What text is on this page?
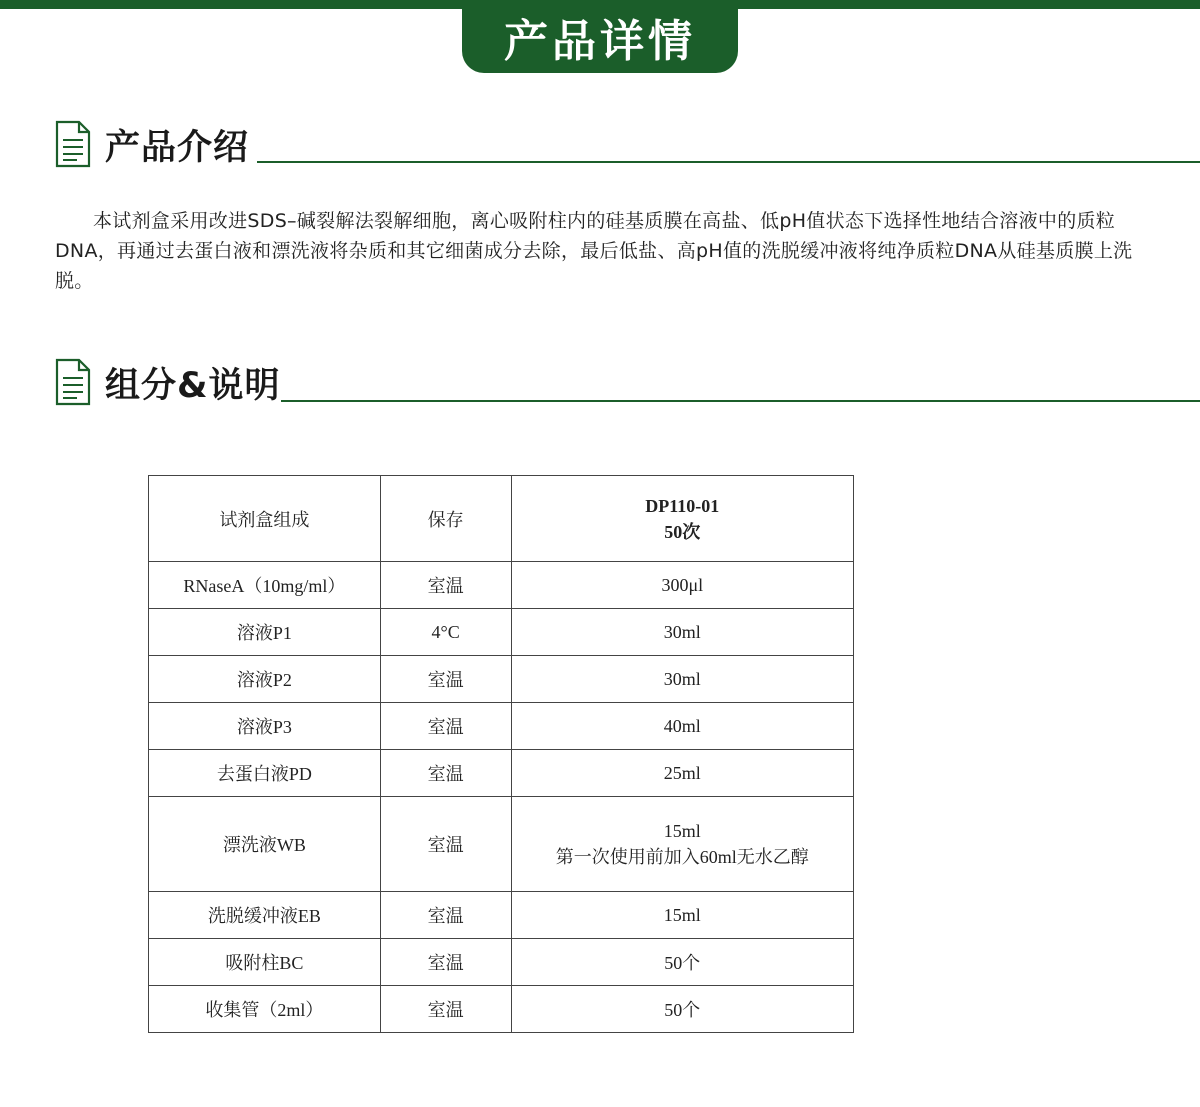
产品详情
产品介绍

本试剂盒采用改进SDS–碱裂解法裂解细胞，离心吸附柱内的硅基质膜在高盐、低pH值状态下选择性地结合溶液中的质粒DNA，再通过去蛋白液和漂洗液将杂质和其它细菌成分去除，最后低盐、高pH值的洗脱缓冲液将纯净质粒DNA从硅基质膜上洗脱。

组分&说明
试剂盒组成	保存	DP110-01
50次

RNaseA（10mg/ml）	室温	300μl
溶液P1	4°C	30ml
溶液P2	室温	30ml
溶液P3	室温	40ml
去蛋白液PD	室温	25ml
漂洗液WB	室温	15ml
第一次使用前加入60ml无水乙醇

洗脱缓冲液EB	室温	15ml
吸附柱BC	室温	50个
收集管（2ml）	室温	50个
